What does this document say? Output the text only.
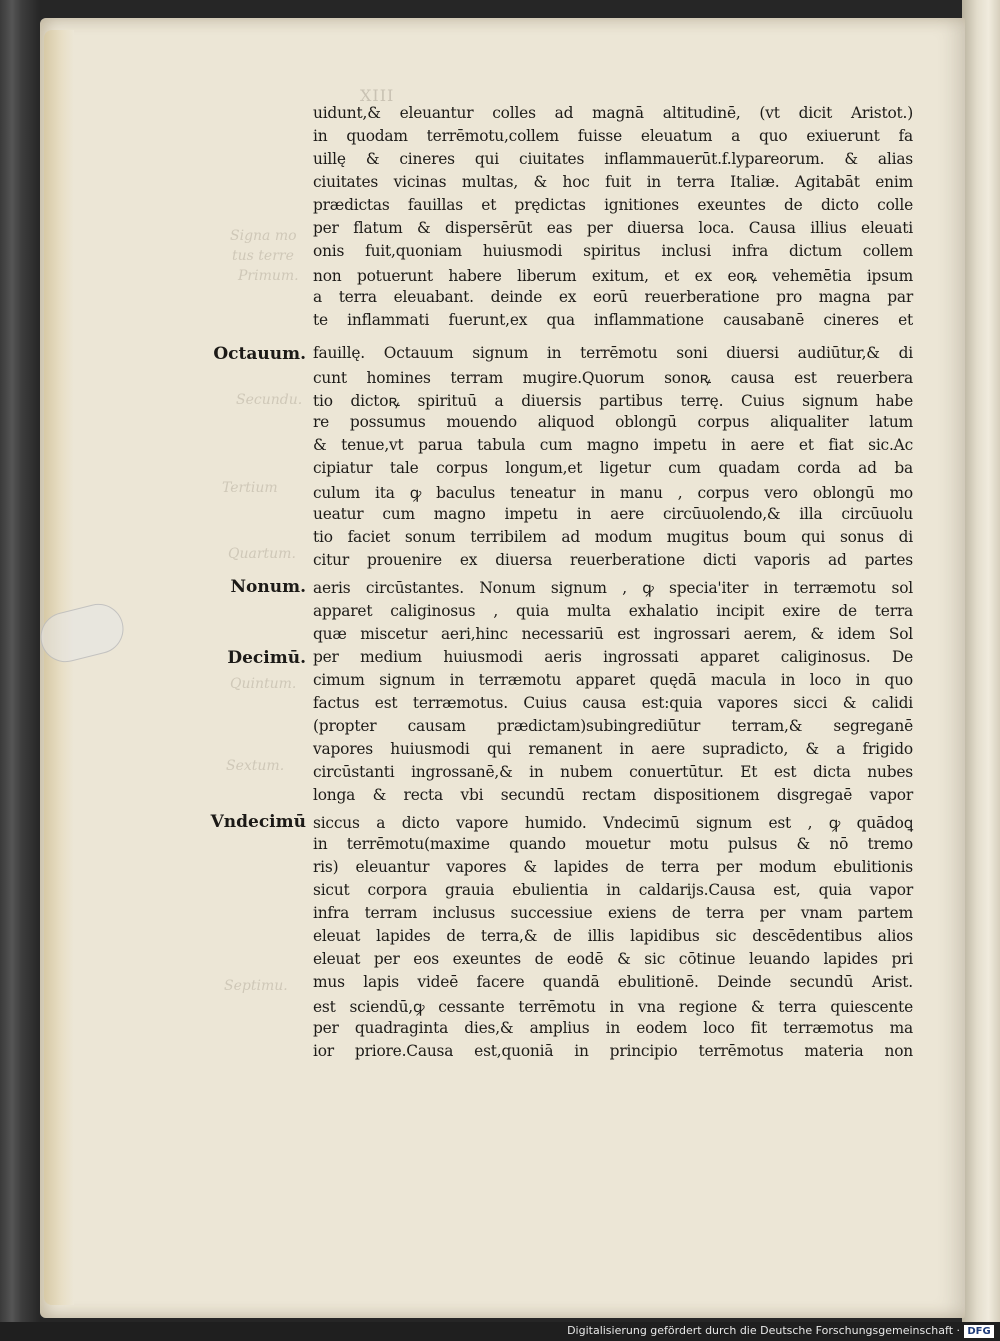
XIII
Signa mo
tus terre
Primum.
Secundu.
Tertium
Quartum.
Quintum.
Sextum.
Septimu.
Octauum.
Nonum.
Decimū.
Vndecimū
uidunt,& eleuantur colles ad magnā altitudinē, (vt dicit Aristot.)
in quodam terrēmotu,collem fuisse eleuatum a quo exiuerunt fa
uillę & cineres qui ciuitates inflammauerūt.f.lypareorum. & alias
ciuitates vicinas multas, & hoc fuit in terra Italiæ. Agitabāt enim
prædictas fauillas et prędictas ignitiones exeuntes de dicto colle
per flatum & dispersērūt eas per diuersa loca. Causa illius eleuati
onis fuit,quoniam huiusmodi spiritus inclusi infra dictum collem
non potuerunt habere liberum exitum, et ex eoꝶ vehemētia ipsum
a terra eleuabant. deinde ex eorū reuerberatione pro magna par
te inflammati fuerunt,ex qua inflammatione causabanē cineres et
fauillę. Octauum signum in terrēmotu soni diuersi audiūtur,& di
cunt homines terram mugire.Quorum sonoꝶ causa est reuerbera
tio dictoꝶ spirituū a diuersis partibus terrę. Cuius signum habe
re possumus mouendo aliquod oblongū corpus aliqualiter latum
& tenue,vt parua tabula cum magno impetu in aere et fiat sic.Ac
cipiatur tale corpus longum,et ligetur cum quadam corda ad ba
culum ita ꝙ baculus teneatur in manu , corpus vero oblongū mo
ueatur cum magno impetu in aere circūuolendo,& illa circūuolu
tio faciet sonum terribilem ad modum mugitus boum qui sonus di
citur prouenire ex diuersa reuerberatione dicti vaporis ad partes
aeris circūstantes. Nonum signum , ꝙ specia'iter in terræmotu sol
apparet caliginosus , quia multa exhalatio incipit exire de terra
quæ miscetur aeri,hinc necessariū est ingrossari aerem, & idem Sol
per medium huiusmodi aeris ingrossati apparet caliginosus. De
cimum signum in terræmotu apparet quędā macula in loco in quo
factus est terræmotus. Cuius causa est:quia vapores sicci & calidi
(propter causam prædictam)subingrediūtur terram,& segreganē
vapores huiusmodi qui remanent in aere supradicto, & a frigido
circūstanti ingrossanē,& in nubem conuertūtur. Et est dicta nubes
longa & recta vbi secundū rectam dispositionem disgregaē vapor
siccus a dicto vapore humido. Vndecimū signum est , ꝙ quādoꝗ
in terrēmotu(maxime quando mouetur motu pulsus & nō tremo
ris) eleuantur vapores & lapides de terra per modum ebulitionis
sicut corpora grauia ebulientia in caldarijs.Causa est, quia vapor
infra terram inclusus successiue exiens de terra per vnam partem
eleuat lapides de terra,& de illis lapidibus sic descēdentibus alios
eleuat per eos exeuntes de eodē & sic cōtinue leuando lapides pri
mus lapis videē facere quandā ebulitionē. Deinde secundū Arist.
est sciendū,ꝙ cessante terrēmotu in vna regione & terra quiescente
per quadraginta dies,& amplius in eodem loco fit terræmotus ma
ior priore.Causa est,quoniā in principio terrēmotus materia non
Digitalisierung gefördert durch die Deutsche Forschungsgemeinschaft · DFG
